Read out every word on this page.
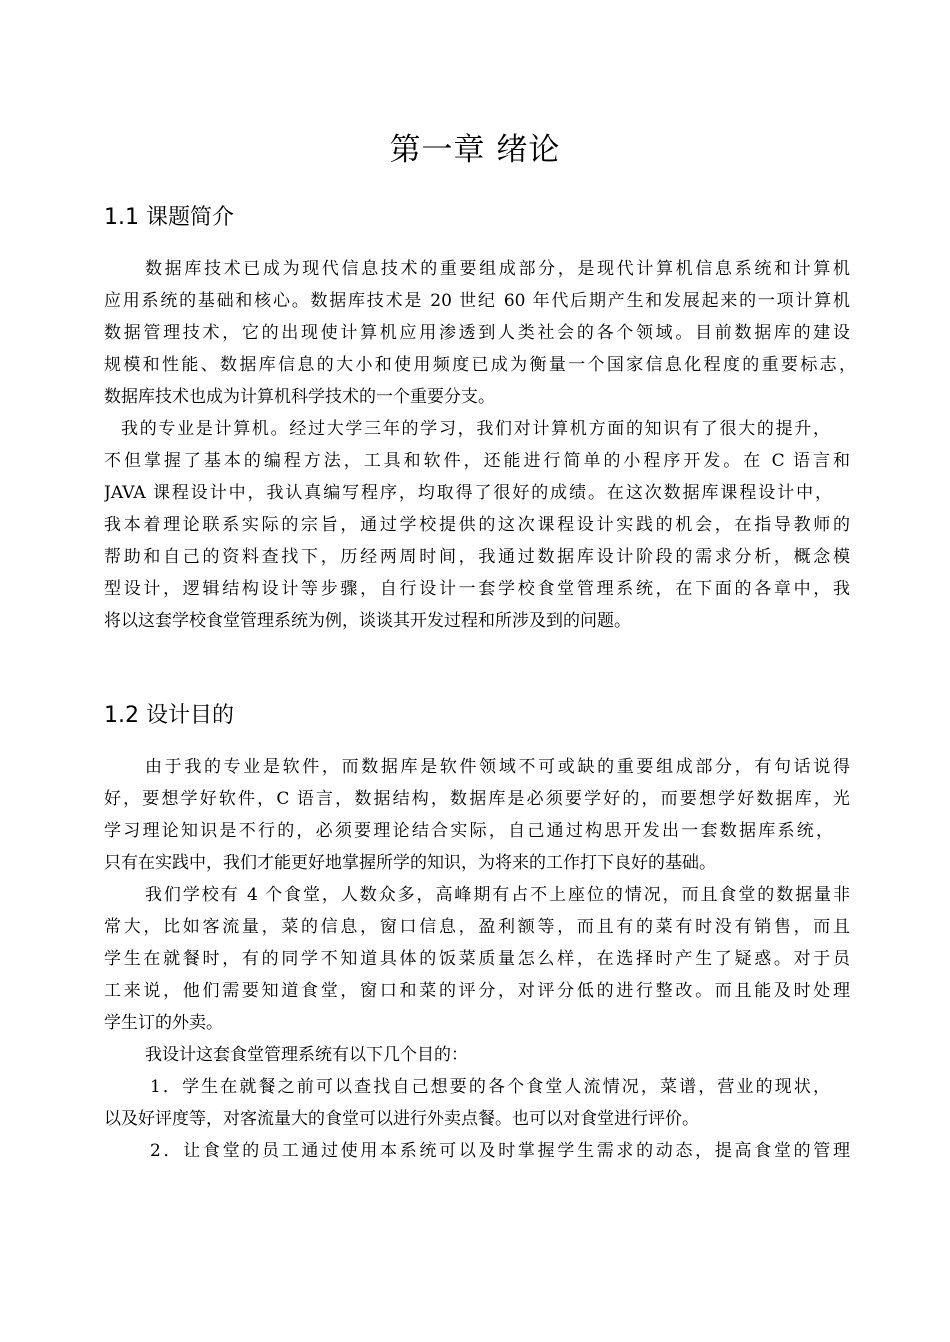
第一章 绪论
1.1 课题简介

数据库技术已成为现代信息技术的重要组成部分，是现代计算机信息系统和计算机

应用系统的基础和核心。数据库技术是 20 世纪 60 年代后期产生和发展起来的一项计算机

数据管理技术，它的出现使计算机应用渗透到人类社会的各个领域。目前数据库的建设

规模和性能、数据库信息的大小和使用频度已成为衡量一个国家信息化程度的重要标志，

数据库技术也成为计算机科学技术的一个重要分支。

我的专业是计算机。经过大学三年的学习，我们对计算机方面的知识有了很大的提升，

不但掌握了基本的编程方法，工具和软件，还能进行简单的小程序开发。在 C 语言和

JAVA 课程设计中，我认真编写程序，均取得了很好的成绩。在这次数据库课程设计中，

我本着理论联系实际的宗旨，通过学校提供的这次课程设计实践的机会，在指导教师的

帮助和自己的资料查找下，历经两周时间，我通过数据库设计阶段的需求分析，概念模

型设计，逻辑结构设计等步骤，自行设计一套学校食堂管理系统，在下面的各章中，我

将以这套学校食堂管理系统为例，谈谈其开发过程和所涉及到的问题。

1.2 设计目的

由于我的专业是软件，而数据库是软件领域不可或缺的重要组成部分，有句话说得

好，要想学好软件，C 语言，数据结构，数据库是必须要学好的，而要想学好数据库，光

学习理论知识是不行的，必须要理论结合实际，自己通过构思开发出一套数据库系统，

只有在实践中，我们才能更好地掌握所学的知识，为将来的工作打下良好的基础。

我们学校有 4 个食堂，人数众多，高峰期有占不上座位的情况，而且食堂的数据量非

常大，比如客流量，菜的信息，窗口信息，盈利额等，而且有的菜有时没有销售，而且

学生在就餐时，有的同学不知道具体的饭菜质量怎么样，在选择时产生了疑惑。对于员

工来说，他们需要知道食堂，窗口和菜的评分，对评分低的进行整改。而且能及时处理

学生订的外卖。

我设计这套食堂管理系统有以下几个目的：

1．学生在就餐之前可以查找自己想要的各个食堂人流情况，菜谱，营业的现状，

以及好评度等，对客流量大的食堂可以进行外卖点餐。也可以对食堂进行评价。

2．让食堂的员工通过使用本系统可以及时掌握学生需求的动态，提高食堂的管理
